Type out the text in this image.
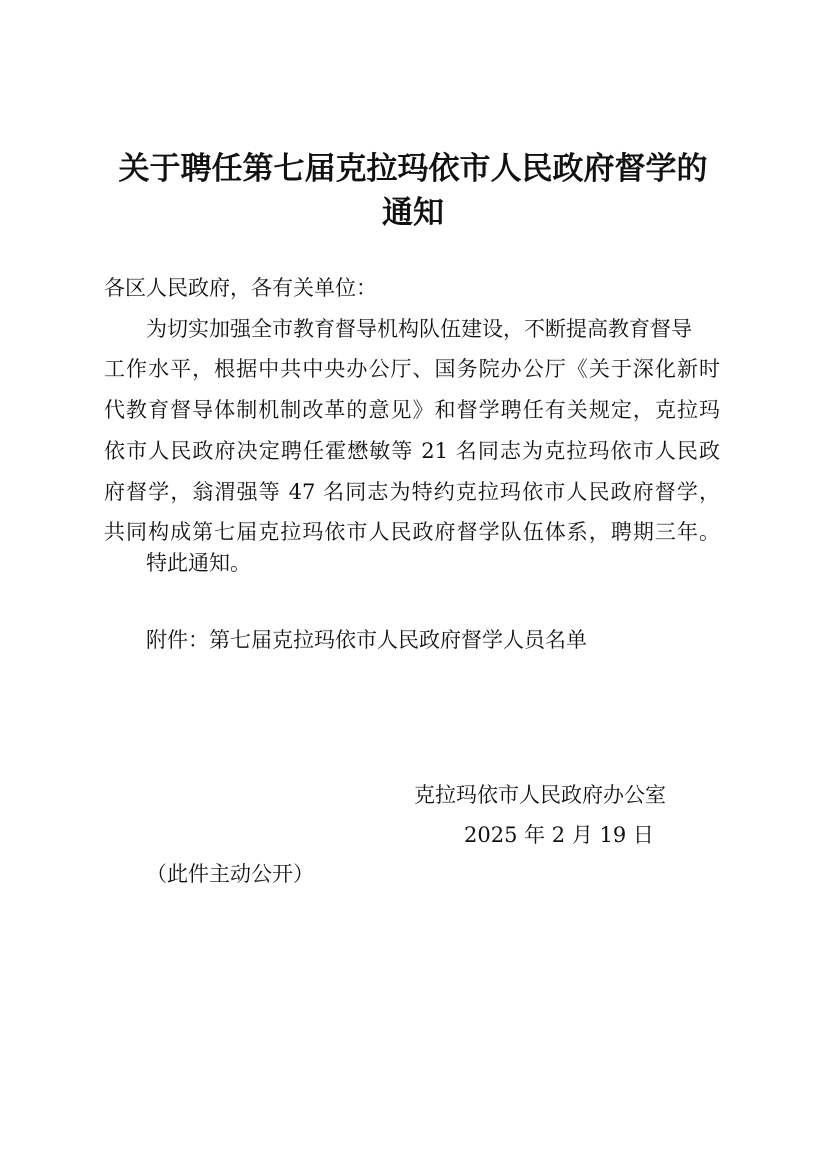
关于聘任第七届克拉玛依市人民政府督学的
通知
各区人民政府，各有关单位：
为切实加强全市教育督导机构队伍建设，不断提高教育督导
工作水平，根据中共中央办公厅、国务院办公厅《关于深化新时
代教育督导体制机制改革的意见》和督学聘任有关规定，克拉玛
依市人民政府决定聘任霍懋敏等 21 名同志为克拉玛依市人民政
府督学，翁渭强等 47 名同志为特约克拉玛依市人民政府督学，
共同构成第七届克拉玛依市人民政府督学队伍体系，聘期三年。
特此通知。
附件：第七届克拉玛依市人民政府督学人员名单
克拉玛依市人民政府办公室
2025 年 2 月 19 日
（此件主动公开）
